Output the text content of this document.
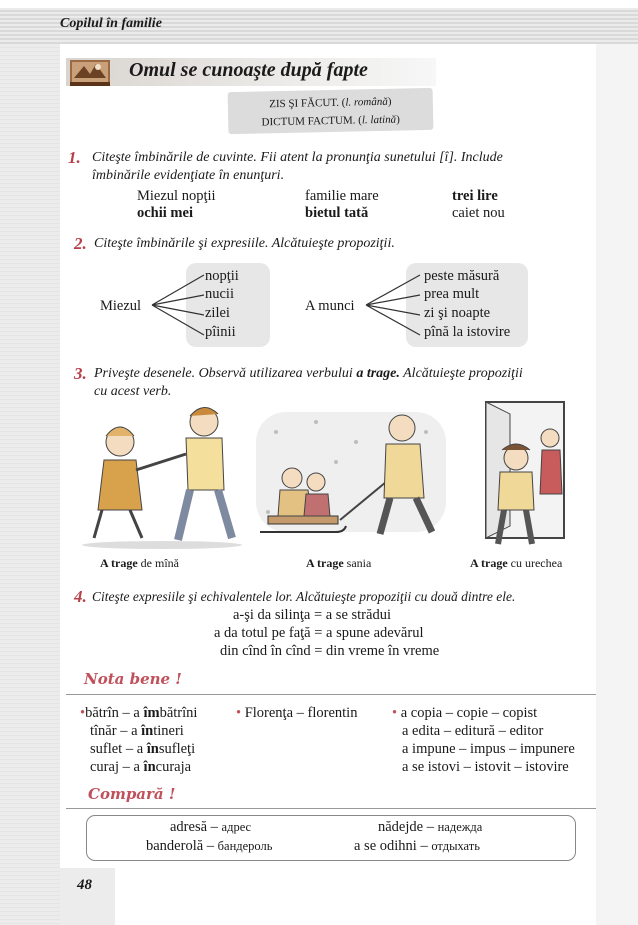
Copilul în familie
Omul se cunoaşte după fapte
ZIS ŞI FĂCUT. (l. română)
DICTUM FACTUM. (l. latină)
1. Citeşte îmbinările de cuvinte. Fii atent la pronunţia sunetului [î]. Include
îmbinările evidenţiate în enunţuri.
Miezul nopţii	familie mare	trei lire
ochii mei	bietul tată	caiet nou
2. Citeşte îmbinările şi expresiile. Alcătuieşte propoziţii.
Miezul
nopţii
nucii
zilei
pîinii
A munci
peste măsură
prea mult
zi şi noapte
pînă la istovire
3. Priveşte desenele. Observă utilizarea verbului a trage. Alcătuieşte propoziţii
cu acest verb.
A trage de mînă	A trage sania	A trage cu urechea
4. Citeşte expresiile şi echivalentele lor. Alcătuieşte propoziţii cu două dintre ele.
a-şi da silinţa = a se strădui
a da totul pe faţă = a spune adevărul
din cînd în cînd = din vreme în vreme
Nota bene !
•bătrîn – a îmbătrîni
tînăr – a întineri
suflet – a însufleţi
curaj – a încuraja
• Florenţa – florentin • a copia – copie – copist
a edita – editură – editor
a impune – impus – impunere
a se istovi – istovit – istovire
Compară !
adresă – адрес
banderolă – бандероль
nădejde – надежда
a se odihni – отдыхать
48
